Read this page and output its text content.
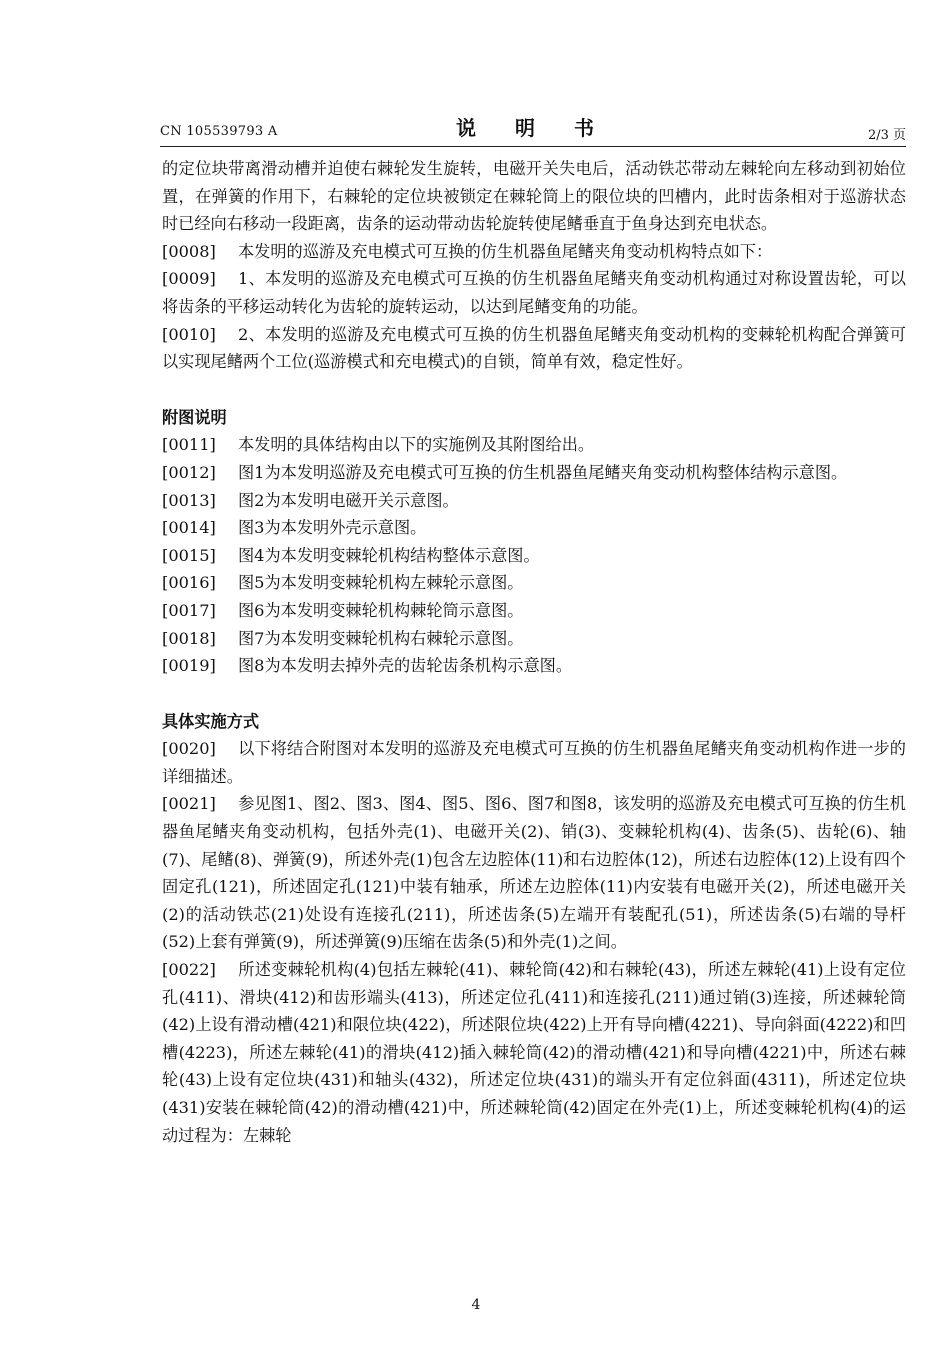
CN 105539793 A	说 明 书	2/3 页

的定位块带离滑动槽并迫使右棘轮发生旋转，电磁开关失电后，活动铁芯带动左棘轮向左移动到初始位置，在弹簧的作用下，右棘轮的定位块被锁定在棘轮筒上的限位块的凹槽内，此时齿条相对于巡游状态时已经向右移动一段距离，齿条的运动带动齿轮旋转使尾鳍垂直于鱼身达到充电状态。

[0008] 本发明的巡游及充电模式可互换的仿生机器鱼尾鳍夹角变动机构特点如下：

[0009] 1、本发明的巡游及充电模式可互换的仿生机器鱼尾鳍夹角变动机构通过对称设置齿轮，可以将齿条的平移运动转化为齿轮的旋转运动，以达到尾鳍变角的功能。

[0010] 2、本发明的巡游及充电模式可互换的仿生机器鱼尾鳍夹角变动机构的变棘轮机构配合弹簧可以实现尾鳍两个工位(巡游模式和充电模式)的自锁，简单有效，稳定性好。

附图说明

[0011] 本发明的具体结构由以下的实施例及其附图给出。

[0012] 图1为本发明巡游及充电模式可互换的仿生机器鱼尾鳍夹角变动机构整体结构示意图。

[0013] 图2为本发明电磁开关示意图。

[0014] 图3为本发明外壳示意图。

[0015] 图4为本发明变棘轮机构结构整体示意图。

[0016] 图5为本发明变棘轮机构左棘轮示意图。

[0017] 图6为本发明变棘轮机构棘轮筒示意图。

[0018] 图7为本发明变棘轮机构右棘轮示意图。

[0019] 图8为本发明去掉外壳的齿轮齿条机构示意图。

具体实施方式

[0020] 以下将结合附图对本发明的巡游及充电模式可互换的仿生机器鱼尾鳍夹角变动机构作进一步的详细描述。

[0021] 参见图1、图2、图3、图4、图5、图6、图7和图8，该发明的巡游及充电模式可互换的仿生机器鱼尾鳍夹角变动机构，包括外壳(1)、电磁开关(2)、销(3)、变棘轮机构(4)、齿条(5)、齿轮(6)、轴(7)、尾鳍(8)、弹簧(9)，所述外壳(1)包含左边腔体(11)和右边腔体(12)，所述右边腔体(12)上设有四个固定孔(121)，所述固定孔(121)中装有轴承，所述左边腔体(11)内安装有电磁开关(2)，所述电磁开关(2)的活动铁芯(21)处设有连接孔(211)，所述齿条(5)左端开有装配孔(51)，所述齿条(5)右端的导杆(52)上套有弹簧(9)，所述弹簧(9)压缩在齿条(5)和外壳(1)之间。

[0022] 所述变棘轮机构(4)包括左棘轮(41)、棘轮筒(42)和右棘轮(43)，所述左棘轮(41)上设有定位孔(411)、滑块(412)和齿形端头(413)，所述定位孔(411)和连接孔(211)通过销(3)连接，所述棘轮筒(42)上设有滑动槽(421)和限位块(422)，所述限位块(422)上开有导向槽(4221)、导向斜面(4222)和凹槽(4223)，所述左棘轮(41)的滑块(412)插入棘轮筒(42)的滑动槽(421)和导向槽(4221)中，所述右棘轮(43)上设有定位块(431)和轴头(432)，所述定位块(431)的端头开有定位斜面(4311)，所述定位块(431)安装在棘轮筒(42)的滑动槽(421)中，所述棘轮筒(42)固定在外壳(1)上，所述变棘轮机构(4)的运动过程为：左棘轮

4
